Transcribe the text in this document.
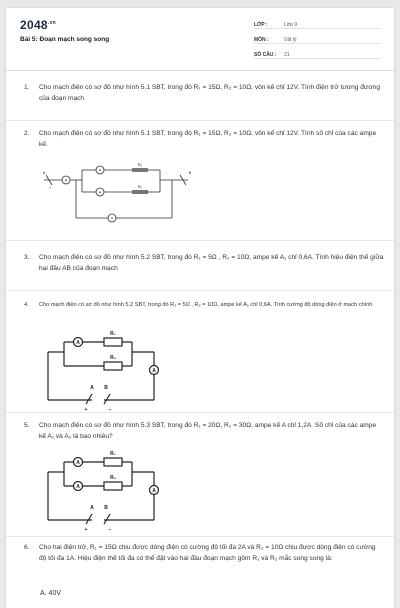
$2048^{.vn}$
Bài 5: Đoạn mạch song song
LỚP :	Lớp 9
MÔN :	Vật lý
SỐ CÂU :	21
1. Cho mạch điện có sơ đồ như hình 5.1 SBT, trong đó R₁ = 15Ω, R₂ = 10Ω, vôn kế chỉ 12V. Tính điện trở tương đương của đoạn mạch
2. Cho mạch điện có sơ đồ như hình 5.1 SBT, trong đó R₁ = 15Ω, R₂ = 10Ω, vôn kế chỉ 12V. Tính số chỉ của các ampe kế.
A
A
A
V
R₁
R₂
A	B
+
3. Cho mạch điện có sơ đồ như hình 5.2 SBT, trong đó R₁ = 5Ω , R₂ = 10Ω, ampe kế A₁ chỉ 0,6A. Tính hiệu điện thế giữa hai đầu AB của đoạn mạch
4. Cho mạch điện có sơ đồ như hình 5.2 SBT, trong đó R₁ = 5Ω , R₂ = 10Ω, ampe kế A₁ chỉ 0,6A. Tính cường độ dòng điện ở mạch chính
A
A
R₁
R₂
A B
+	−
5. Cho mạch điện có sơ đồ như hình 5.3 SBT, trong đó R₁ = 20Ω, R₂ = 30Ω, ampe kế A chỉ 1,2A. Số chỉ của các ampe kế A₁ và A₂ là bao nhiêu?
A
A
A
R₁
R₂
A B
+	−
6. Cho hai điện trở, R₁ = 15Ω chịu được dòng điện có cường độ tối đa 2A và R₂ = 10Ω chịu được dòng điện có cường độ tối đa 1A. Hiệu điện thế tối đa có thể đặt vào hai đầu đoạn mạch gồm R₁ và R₂ mắc song song là:
A. 40V
